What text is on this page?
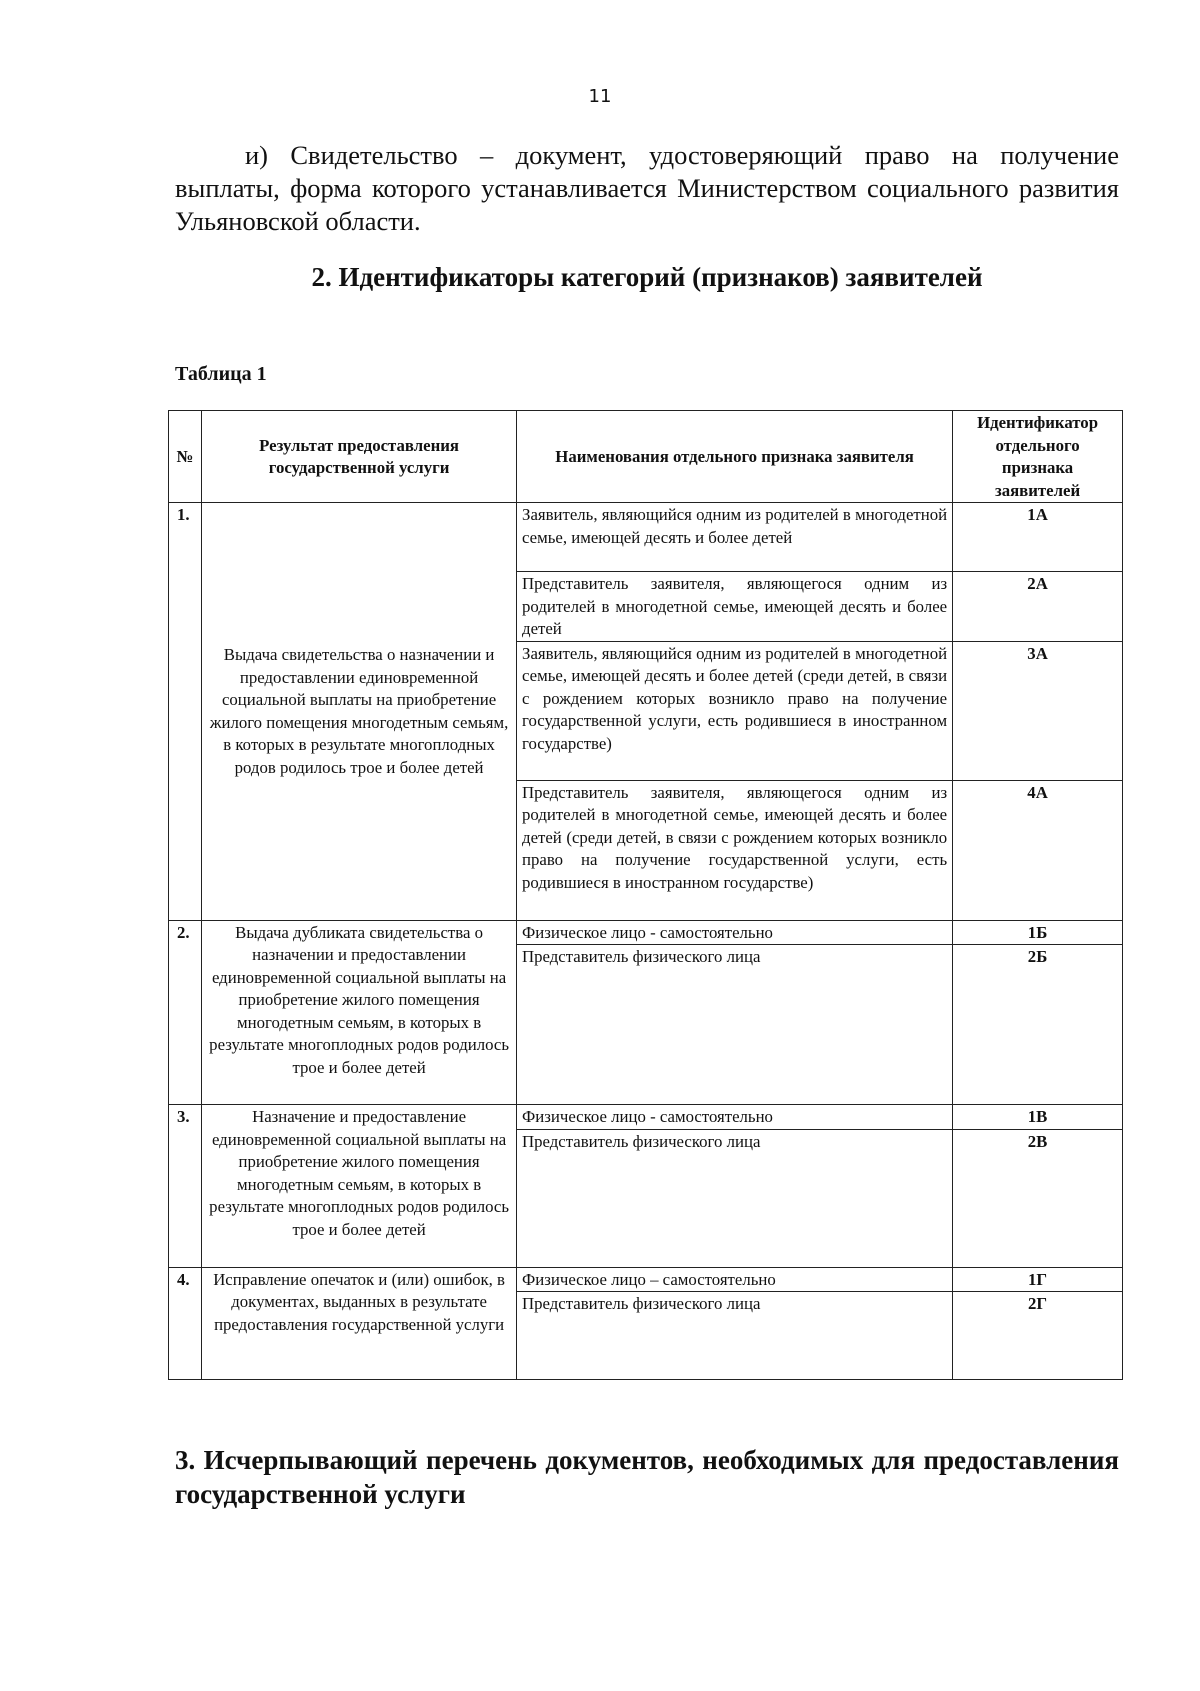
11

и) Свидетельство – документ, удостоверяющий право на получение выплаты, форма которого устанавливается Министерством социального развития Ульяновской области.

2. Идентификаторы категорий (признаков) заявителей

Таблица 1

№	Результат предоставления государственной услуги	Наименования отдельного признака заявителя	Идентификатор отдельного признака заявителей
1.	Выдача свидетельства о назначении и предоставлении единовременной социальной выплаты на приобретение жилого помещения многодетным семьям, в которых в результате многоплодных родов родилось трое и более детей	Заявитель, являющийся одним из родителей в многодетной семье, имеющей десять и более детей	1А
		Представитель заявителя, являющегося одним из родителей в многодетной семье, имеющей десять и более детей	2А
		Заявитель, являющийся одним из родителей в многодетной семье, имеющей десять и более детей (среди детей, в связи с рождением которых возникло право на получение государственной услуги, есть родившиеся в иностранном государстве)	3А
		Представитель заявителя, являющегося одним из родителей в многодетной семье, имеющей десять и более детей (среди детей, в связи с рождением которых возникло право на получение государственной услуги, есть родившиеся в иностранном государстве)	4А
2.	Выдача дубликата свидетельства о назначении и предоставлении единовременной социальной выплаты на приобретение жилого помещения многодетным семьям, в которых в результате многоплодных родов родилось трое и более детей	Физическое лицо - самостоятельно	1Б
		Представитель физического лица	2Б
3.	Назначение и предоставление единовременной социальной выплаты на приобретение жилого помещения многодетным семьям, в которых в результате многоплодных родов родилось трое и более детей	Физическое лицо - самостоятельно	1В
		Представитель физического лица	2В
4.	Исправление опечаток и (или) ошибок, в документах, выданных в результате предоставления государственной услуги	Физическое лицо – самостоятельно	1Г
		Представитель физического лица	2Г

3. Исчерпывающий перечень документов, необходимых для предоставления государственной услуги
